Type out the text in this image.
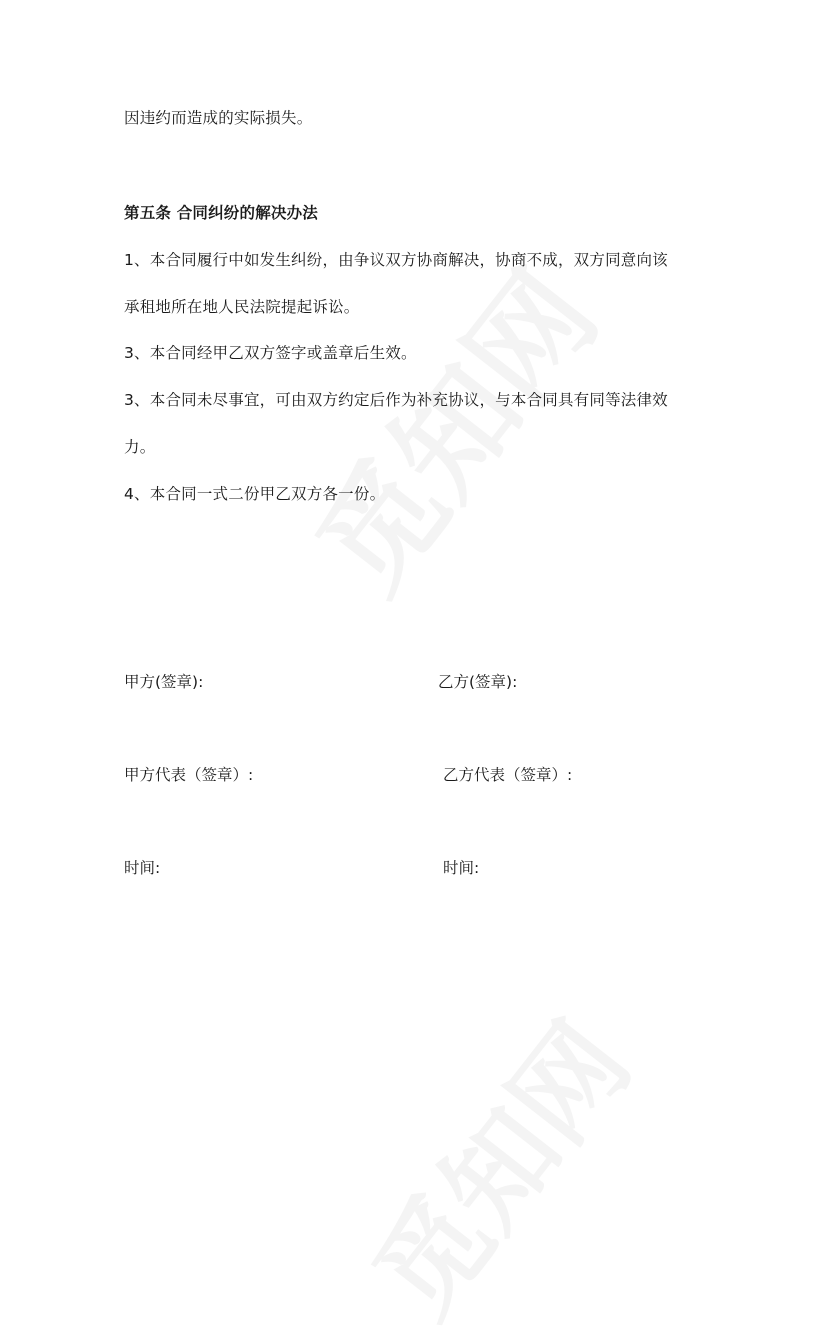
因违约而造成的实际损失。
第五条 合同纠纷的解决办法
1、本合同履行中如发生纠纷，由争议双方协商解决，协商不成，双方同意向该
承租地所在地人民法院提起诉讼。
3、本合同经甲乙双方签字或盖章后生效。
3、本合同未尽事宜，可由双方约定后作为补充协议，与本合同具有同等法律效
力。
4、本合同一式二份甲乙双方各一份。
甲方(签章):	乙方(签章):
甲方代表（签章）:	乙方代表（签章）:
时间:	时间:
